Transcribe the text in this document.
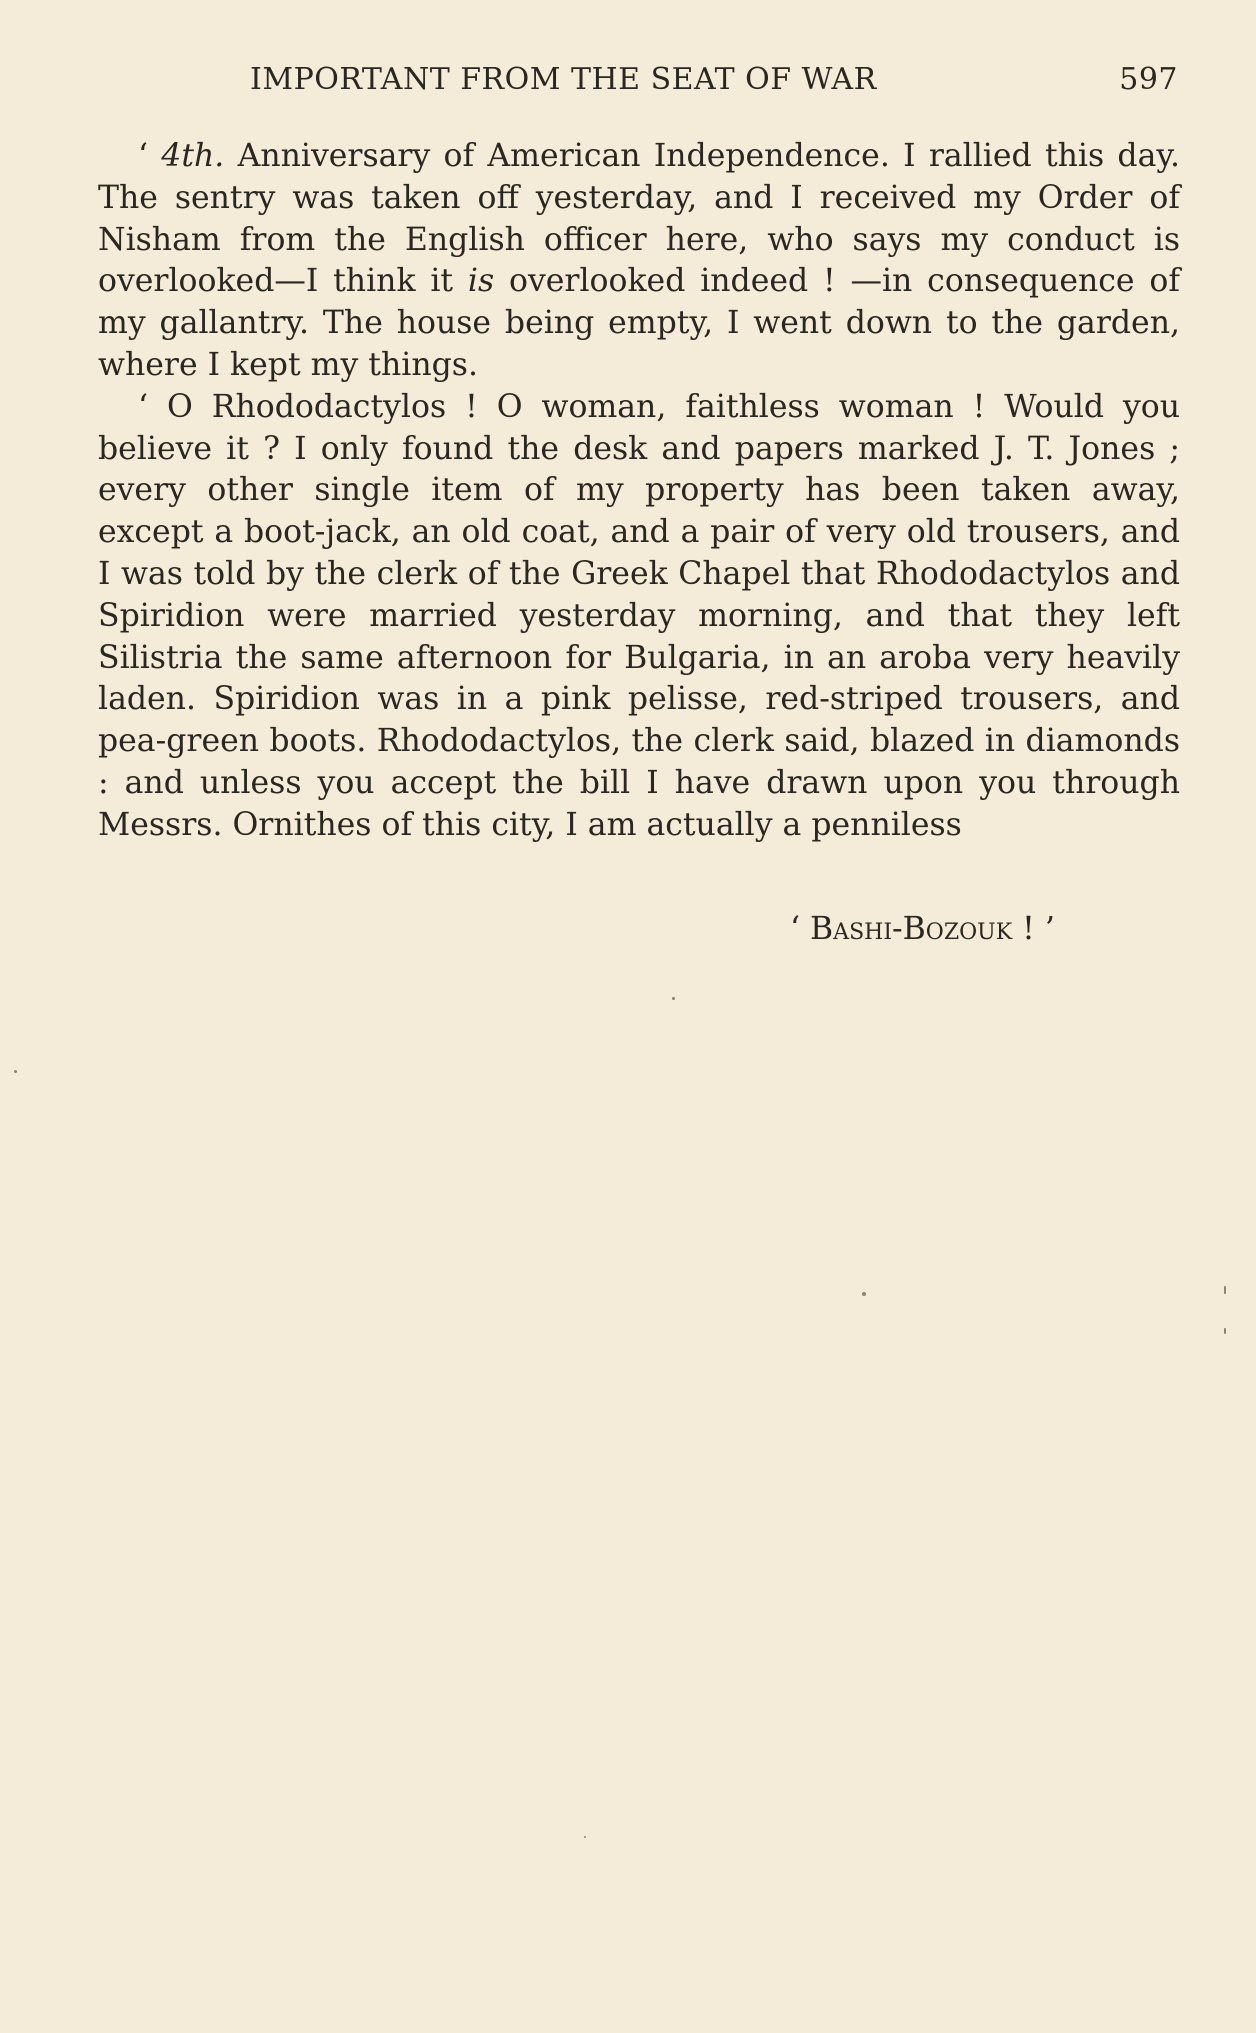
IMPORTANT FROM THE SEAT OF WAR	597

‘ 4th. Anniversary of American Independence. I rallied this day. The sentry was taken off yesterday, and I received my Order of Nisham from the English officer here, who says my conduct is overlooked—I think it is overlooked indeed ! —in consequence of my gallantry. The house being empty, I went down to the garden, where I kept my things.

‘ O Rhododactylos ! O woman, faithless woman ! Would you believe it ? I only found the desk and papers marked J. T. Jones ; every other single item of my property has been taken away, except a boot-jack, an old coat, and a pair of very old trousers, and I was told by the clerk of the Greek Chapel that Rhododactylos and Spiridion were married yesterday morning, and that they left Silistria the same afternoon for Bulgaria, in an aroba very heavily laden. Spiridion was in a pink pelisse, red-striped trousers, and pea-green boots. Rhododactylos, the clerk said, blazed in diamonds : and unless you accept the bill I have drawn upon you through Messrs. Ornithes of this city, I am actually a penniless

‘ Bashi-Bozouk ! ’
